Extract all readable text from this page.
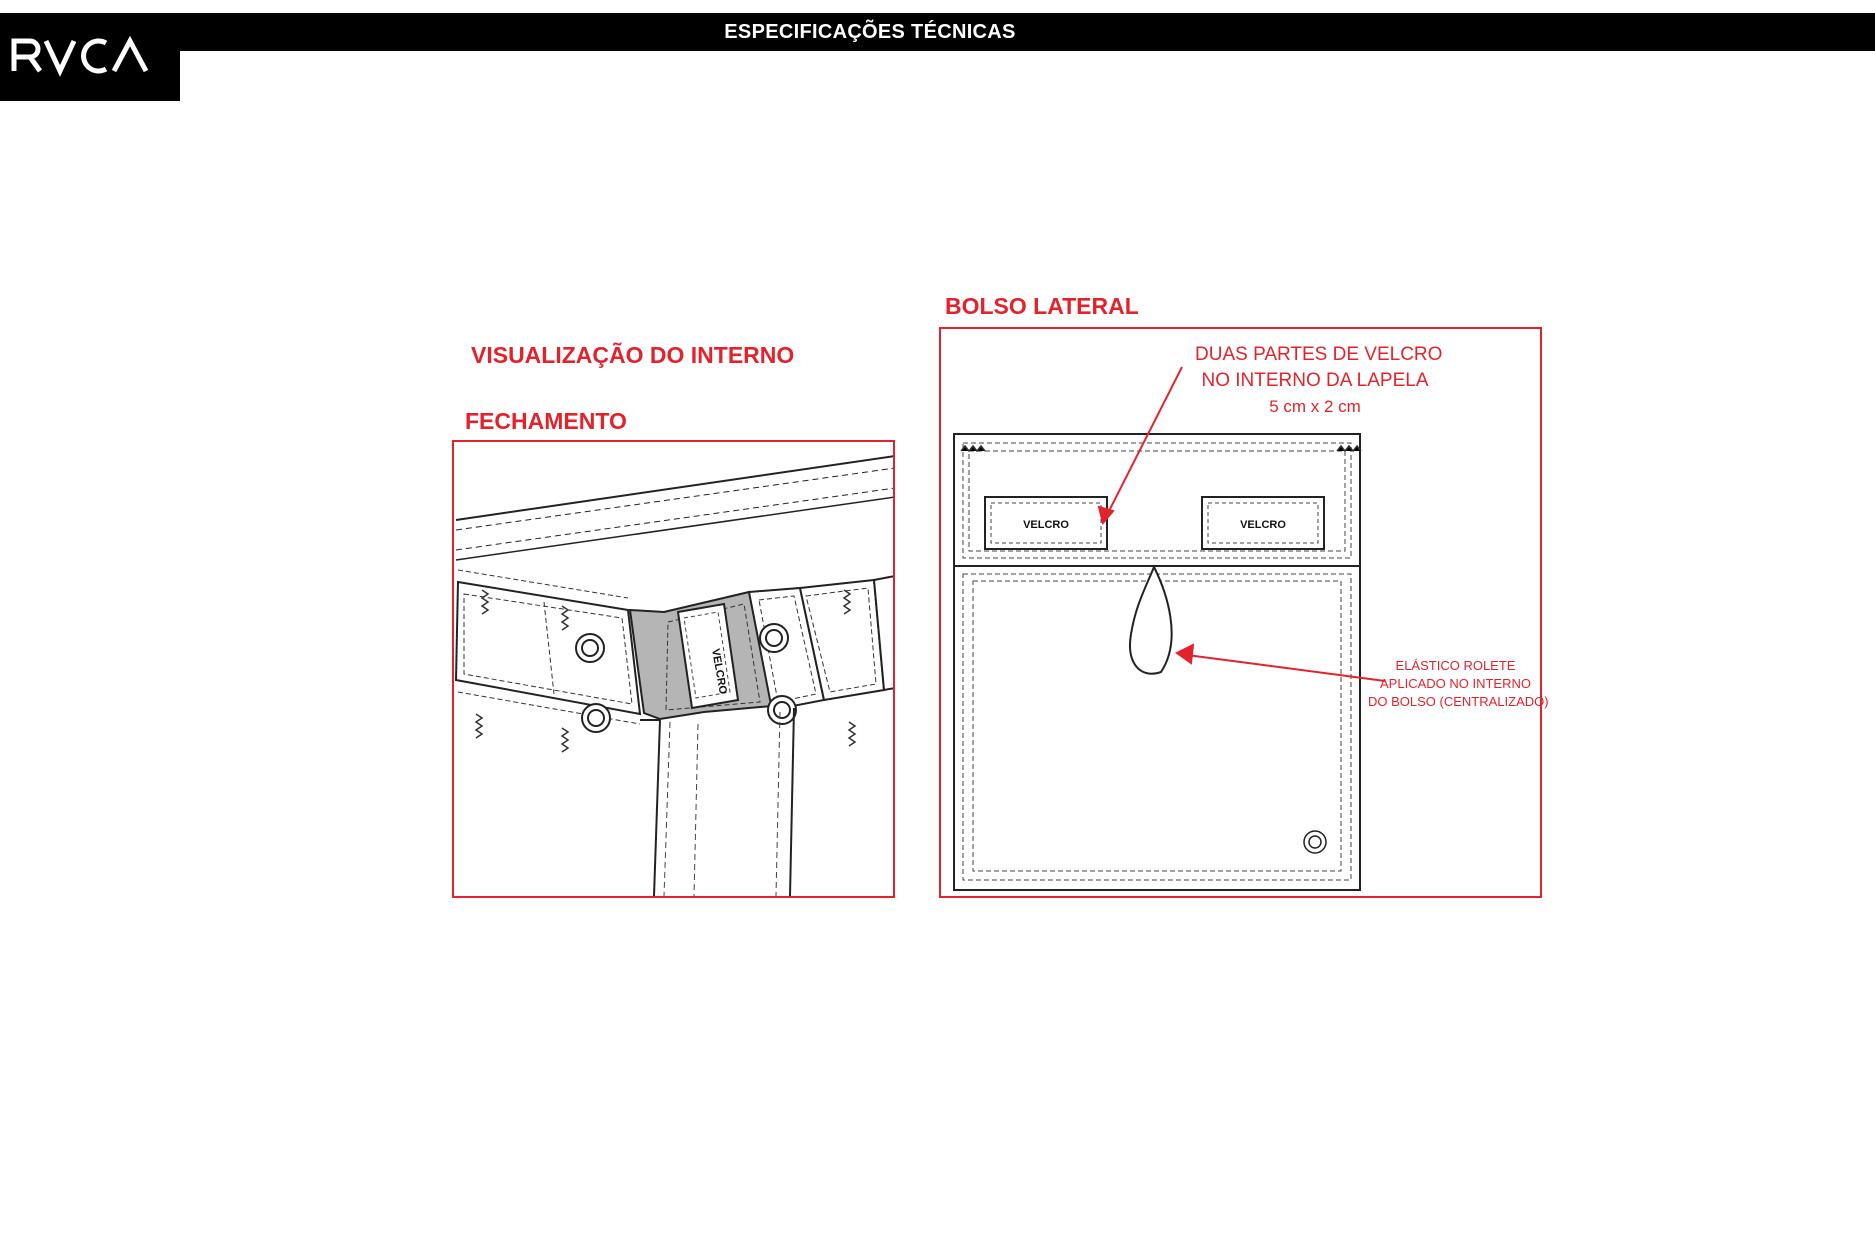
ESPECIFICAÇÕES TÉCNICAS
VISUALIZAÇÃO DO INTERNO
FECHAMENTO
VELCRO
BOLSO LATERAL
VELCRO	VELCRO
DUAS PARTES DE VELCRO
NO INTERNO DA LAPELA
5 cm x 2 cm
ELÁSTICO ROLETE
APLICADO NO INTERNO
DO BOLSO (CENTRALIZADO)
